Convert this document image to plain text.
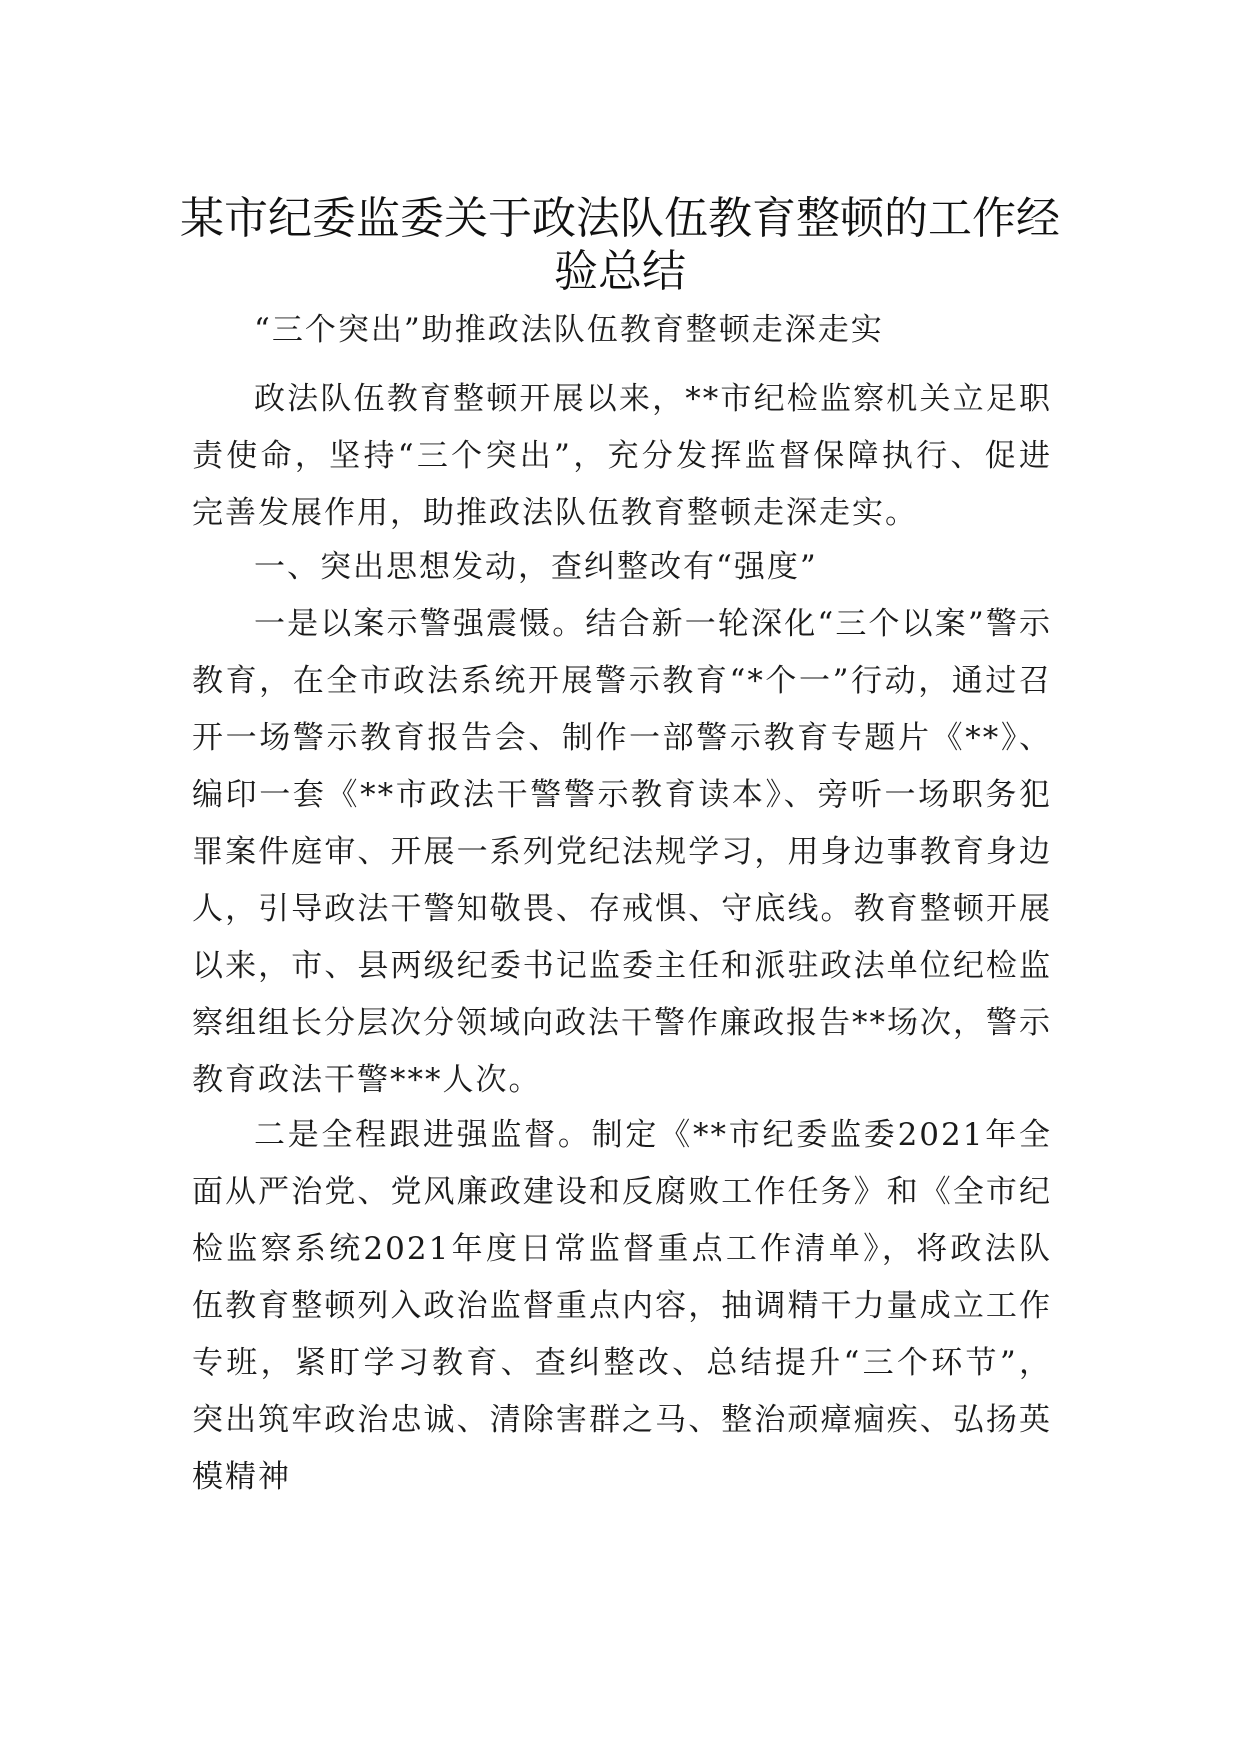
某市纪委监委关于政法队伍教育整顿的工作经验总结

“三个突出”助推政法队伍教育整顿走深走实

政法队伍教育整顿开展以来，**市纪检监察机关立足职责使命，坚持“三个突出”，充分发挥监督保障执行、促进完善发展作用，助推政法队伍教育整顿走深走实。

一、突出思想发动，查纠整改有“强度”

一是以案示警强震慑。结合新一轮深化“三个以案”警示教育，在全市政法系统开展警示教育“*个一”行动，通过召开一场警示教育报告会、制作一部警示教育专题片《**》、编印一套《**市政法干警警示教育读本》、旁听一场职务犯罪案件庭审、开展一系列党纪法规学习，用身边事教育身边人，引导政法干警知敬畏、存戒惧、守底线。教育整顿开展以来，市、县两级纪委书记监委主任和派驻政法单位纪检监察组组长分层次分领域向政法干警作廉政报告**场次，警示教育政法干警***人次。

二是全程跟进强监督。制定《**市纪委监委2021年全面从严治党、党风廉政建设和反腐败工作任务》和《全市纪检监察系统2021年度日常监督重点工作清单》，将政法队伍教育整顿列入政治监督重点内容，抽调精干力量成立工作专班，紧盯学习教育、查纠整改、总结提升“三个环节”，突出筑牢政治忠诚、清除害群之马、整治顽瘴痼疾、弘扬英模精神
